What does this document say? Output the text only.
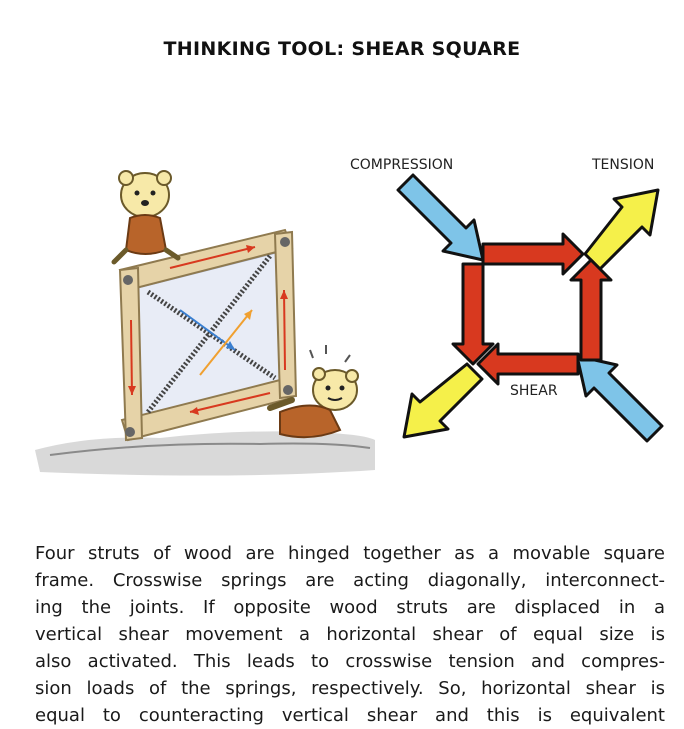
THINKING TOOL: SHEAR SQUARE
COMPRESSION	TENSION
SHEAR
Four struts of wood are hinged together as a movable square
frame. Crosswise springs are acting diagonally, interconnect-
ing the joints. If opposite wood struts are displaced in a
vertical shear movement a horizontal shear of equal size is
also activated. This leads to crosswise tension and compres-
sion loads of the springs, respectively. So, horizontal shear is
equal to counteracting vertical shear and this is equivalent
